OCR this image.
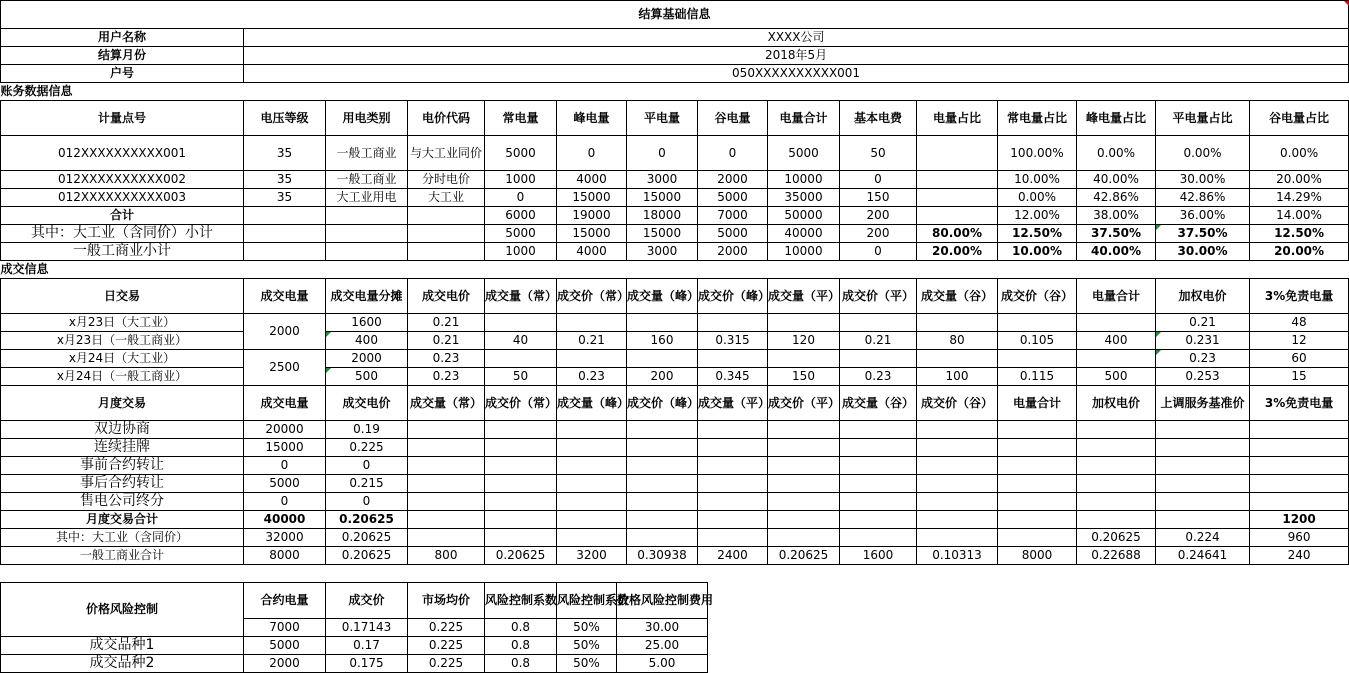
结算基础信息														
用户名称	XXXX公司													
结算月份	2018年5月													
户号	050XXXXXXXXXX001													
账务数据信息														
计量点号	电压等级	用电类别	电价代码	常电量	峰电量	平电量	谷电量	电量合计	基本电费	电量占比	常电量占比	峰电量占比	平电量占比	谷电量占比
012XXXXXXXXXX001	35	一般工商业	与大工业同价	5000	0	0	0	5000	50		100.00%	0.00%	0.00%	0.00%
012XXXXXXXXXX002	35	一般工商业	分时电价	1000	4000	3000	2000	10000	0		10.00%	40.00%	30.00%	20.00%
012XXXXXXXXXX003	35	大工业用电	大工业	0	15000	15000	5000	35000	150		0.00%	42.86%	42.86%	14.29%
合计				6000	19000	18000	7000	50000	200		12.00%	38.00%	36.00%	14.00%
其中：大工业（含同价）小计				5000	15000	15000	5000	40000	200	80.00%	12.50%	37.50%	37.50%	12.50%
一般工商业小计				1000	4000	3000	2000	10000	0	20.00%	10.00%	40.00%	30.00%	20.00%
成交信息														
日交易	成交电量	成交电量分摊	成交电价	成交量（常）	成交价（常）	成交量（峰）	成交价（峰）	成交量（平）	成交价（平）	成交量（谷）	成交价（谷）	电量合计	加权电价	3%免责电量
x月23日（大工业）	2000	1600	0.21										0.21	48
x月23日（一般工商业）		400	0.21	40	0.21	160	0.315	120	0.21	80	0.105	400	0.231	12
x月24日（大工业）	2500	2000	0.23										0.23	60
x月24日（一般工商业）		500	0.23	50	0.23	200	0.345	150	0.23	100	0.115	500	0.253	15
月度交易	成交电量	成交电价	成交量（常）	成交价（常）	成交量（峰）	成交价（峰）	成交量（平）	成交价（平）	成交量（谷）	成交价（谷）	电量合计	加权电价	上调服务基准价	3%免责电量
双边协商	20000	0.19												
连续挂牌	15000	0.225												
事前合约转让	0	0												
事后合约转让	5000	0.215												
售电公司终分	0	0												
月度交易合计	40000	0.20625												1200
其中：大工业（含同价）	32000	0.20625										0.20625	0.224	960
一般工商业合计	8000	0.20625	800	0.20625	3200	0.30938	2400	0.20625	1600	0.10313	8000	0.22688	0.24641	240
价格风险控制	合约电量	成交价	市场均价	风险控制系数	风险控制系数	价格风险控制费用
	7000	0.17143	0.225	0.8	50%	30.00
成交品种1	5000	0.17	0.225	0.8	50%	25.00
成交品种2	2000	0.175	0.225	0.8	50%	5.00
